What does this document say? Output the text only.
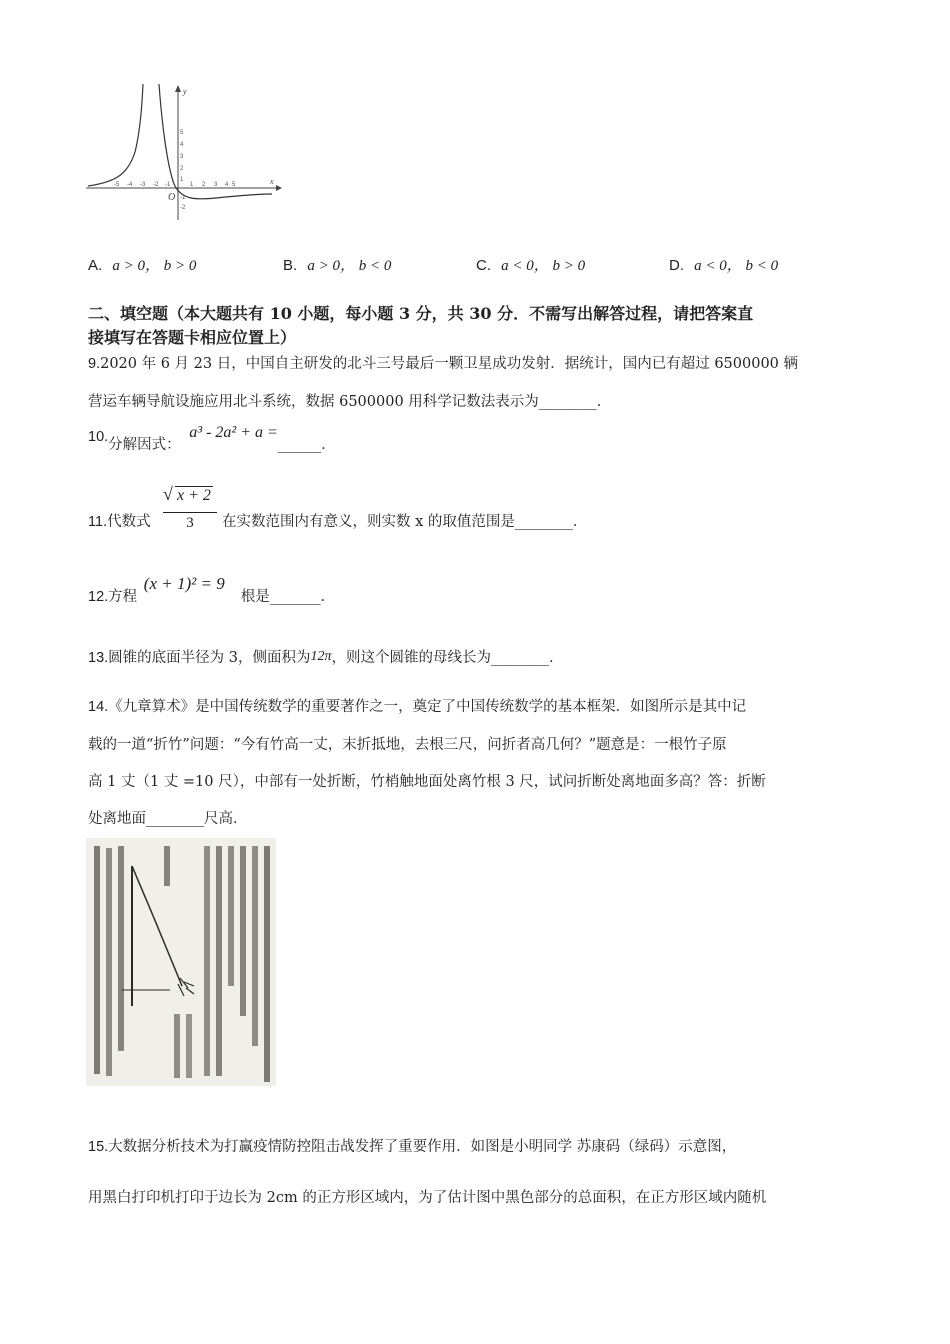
y
x
O
-5 -4 -3 -2 -1	1 2 3 4 5
5
4
3
2
1
-1
-2
A. a > 0， b > 0	B. a > 0， b < 0	C. a < 0， b > 0	D. a < 0， b < 0
二、填空题（本大题共有 10 小题，每小题 3 分，共 30 分．不需写出解答过程，请把答案直
接填写在答题卡相应位置上）
9.2020 年 6 月 23 日，中国自主研发的北斗三号最后一颗卫星成功发射．据统计，国内已有超过 6500000 辆
营运车辆导航设施应用北斗系统，数据 6500000 用科学记数法表示为________．
10.分解因式： a³ - 2a² + a =______．
11.代数式
√ x + 2
3	在实数范围内有意义，则实数 x 的取值范围是________．
12.方程 (x + 1)² = 9根是_______．
13.圆锥的底面半径为 3，侧面积为12π，则这个圆锥的母线长为________．
14.《九章算术》是中国传统数学的重要著作之一，奠定了中国传统数学的基本框架．如图所示是其中记
载的一道“折竹”问题：“今有竹高一丈，末折抵地，去根三尺，问折者高几何？”题意是：一根竹子原
高 1 丈（1 丈 =10 尺），中部有一处折断，竹梢触地面处离竹根 3 尺，试问折断处离地面多高？答：折断
处离地面________尺高．
15.大数据分析技术为打赢疫情防控阻击战发挥了重要作用．如图是小明同学 苏康码（绿码）示意图，
用黑白打印机打印于边长为 2cm 的正方形区域内，为了估计图中黑色部分的总面积，在正方形区域内随机
